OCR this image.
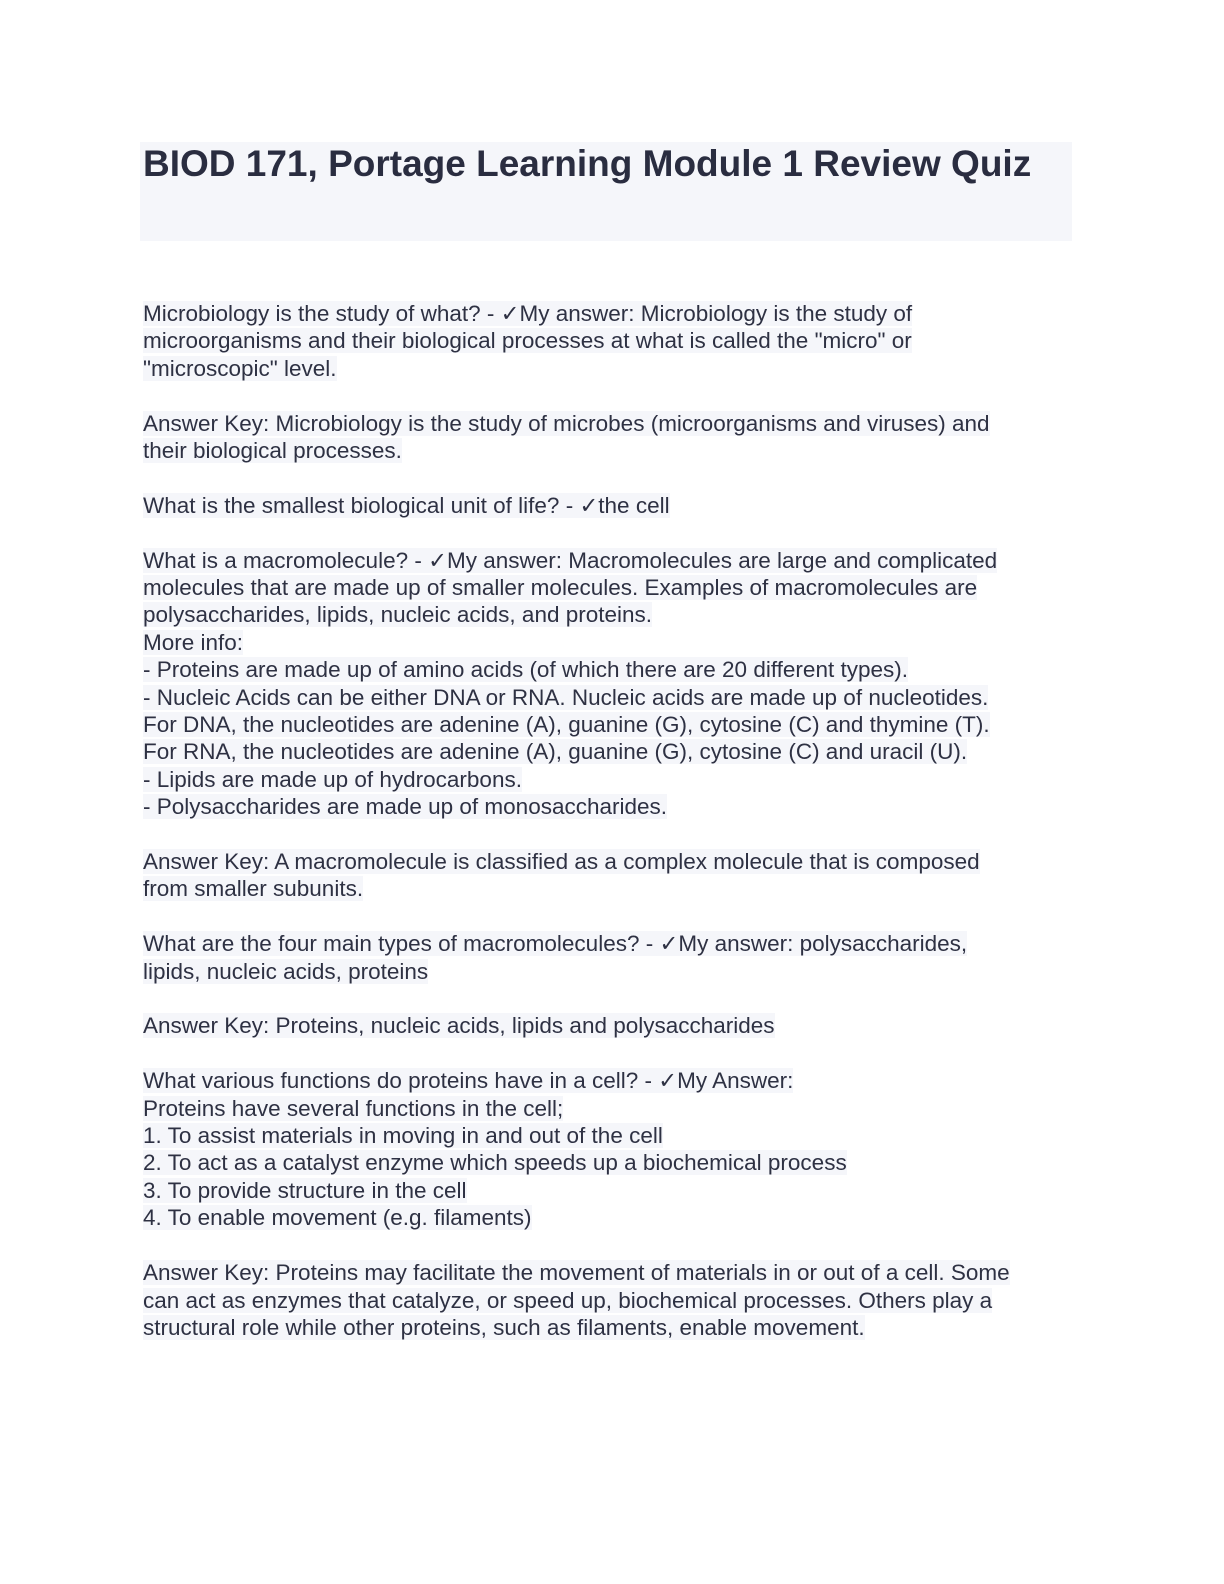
BIOD 171, Portage Learning Module 1 Review Quiz

Microbiology is the study of what? - ✓My answer: Microbiology is the study of
microorganisms and their biological processes at what is called the "micro" or
"microscopic" level.

Answer Key: Microbiology is the study of microbes (microorganisms and viruses) and
their biological processes.

What is the smallest biological unit of life? - ✓the cell

What is a macromolecule? - ✓My answer: Macromolecules are large and complicated
molecules that are made up of smaller molecules. Examples of macromolecules are
polysaccharides, lipids, nucleic acids, and proteins.
More info:
- Proteins are made up of amino acids (of which there are 20 different types).
- Nucleic Acids can be either DNA or RNA. Nucleic acids are made up of nucleotides.
For DNA, the nucleotides are adenine (A), guanine (G), cytosine (C) and thymine (T).
For RNA, the nucleotides are adenine (A), guanine (G), cytosine (C) and uracil (U).
- Lipids are made up of hydrocarbons.
- Polysaccharides are made up of monosaccharides.

Answer Key: A macromolecule is classified as a complex molecule that is composed
from smaller subunits.

What are the four main types of macromolecules? - ✓My answer: polysaccharides,
lipids, nucleic acids, proteins

Answer Key: Proteins, nucleic acids, lipids and polysaccharides

What various functions do proteins have in a cell? - ✓My Answer:
Proteins have several functions in the cell;
1. To assist materials in moving in and out of the cell
2. To act as a catalyst enzyme which speeds up a biochemical process
3. To provide structure in the cell
4. To enable movement (e.g. filaments)

Answer Key: Proteins may facilitate the movement of materials in or out of a cell. Some
can act as enzymes that catalyze, or speed up, biochemical processes. Others play a
structural role while other proteins, such as filaments, enable movement.
